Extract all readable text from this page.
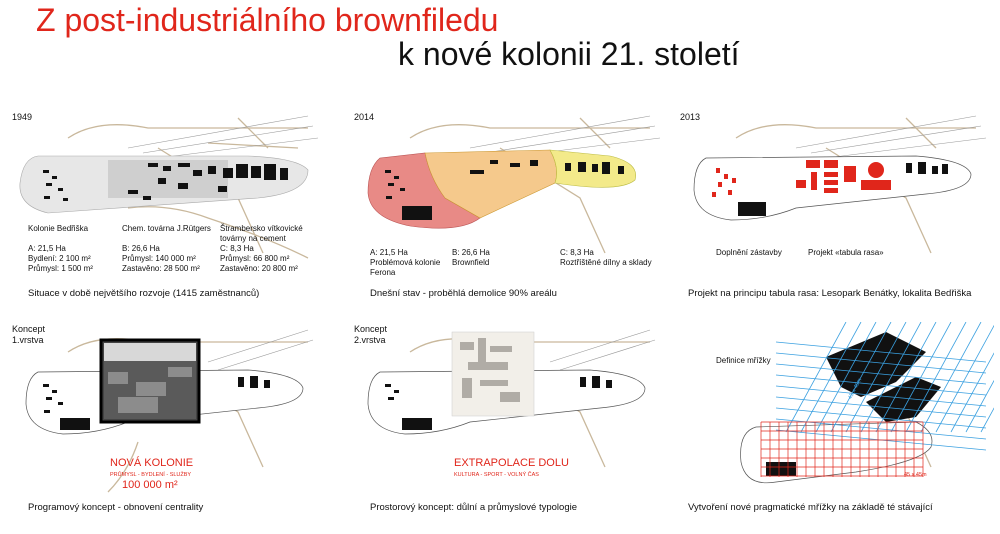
Z post-industriálního brownfiledu
k nové kolonii 21. století
1949
Kolonie Bedřiška
A: 21,5 Ha
Bydlení: 2 100 m²
Průmysl: 1 500 m²
Chem. továrna J.Rütgers
B: 26,6 Ha
Průmysl: 140 000 m²
Zastavěno: 28 500 m²
Štrambersko vítkovické
továrny na cement
C: 8,3 Ha
Průmysl: 66 800 m²
Zastavěno: 20 800 m²
Situace v době největšího rozvoje (1415 zaměstnanců)
2014
A: 21,5 Ha
Problémová kolonie
Ferona
B: 26,6 Ha
Brownfield
C: 8,3 Ha
Roztříštěné dílny a sklady
Dnešní stav - proběhlá demolice 90% areálu
2013
Doplnění zástavby	Projekt «tabula rasa»
Projekt na principu tabula rasa: Lesopark Benátky, lokalita Bedřiška
Koncept
1.vrstva
NOVÁ KOLONIE
PRŮMYSL - BYDLENÍ - SLUŽBY
100 000 m²
Programový koncept - obnovení centrality
Koncept
2.vrstva
EXTRAPOLACE DOLU
KULTURA - SPORT - VOLNÝ ČAS
Prostorový koncept: důlní a průmyslové typologie
Definice mřížky
45 x 45m
45 x 45m
Vytvoření nové pragmatické mřížky na základě té stávající
